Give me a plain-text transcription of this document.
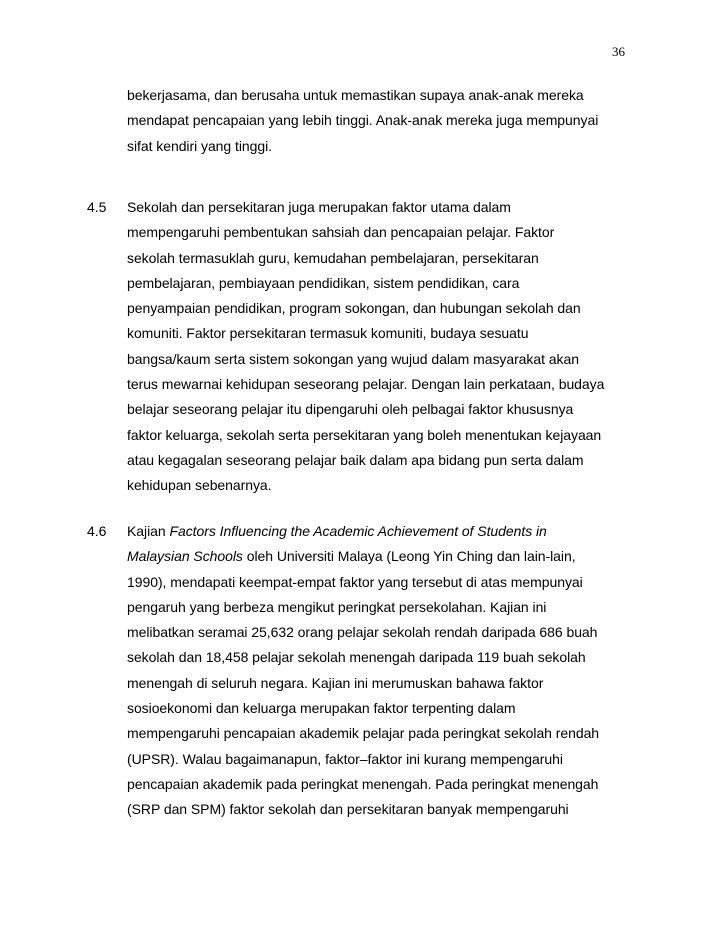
36
bekerjasama, dan berusaha untuk memastikan supaya anak-anak mereka
mendapat pencapaian yang lebih tinggi. Anak-anak mereka juga mempunyai
sifat kendiri yang tinggi.
4.5 Sekolah dan persekitaran juga merupakan faktor utama dalam
mempengaruhi pembentukan sahsiah dan pencapaian pelajar. Faktor
sekolah termasuklah guru, kemudahan pembelajaran, persekitaran
pembelajaran, pembiayaan pendidikan, sistem pendidikan, cara
penyampaian pendidikan, program sokongan, dan hubungan sekolah dan
komuniti. Faktor persekitaran termasuk komuniti, budaya sesuatu
bangsa/kaum serta sistem sokongan yang wujud dalam masyarakat akan
terus mewarnai kehidupan seseorang pelajar. Dengan lain perkataan, budaya
belajar seseorang pelajar itu dipengaruhi oleh pelbagai faktor khususnya
faktor keluarga, sekolah serta persekitaran yang boleh menentukan kejayaan
atau kegagalan seseorang pelajar baik dalam apa bidang pun serta dalam
kehidupan sebenarnya.
4.6 Kajian Factors Influencing the Academic Achievement of Students in
Malaysian Schools oleh Universiti Malaya (Leong Yin Ching dan lain-lain,
1990), mendapati keempat-empat faktor yang tersebut di atas mempunyai
pengaruh yang berbeza mengikut peringkat persekolahan. Kajian ini
melibatkan seramai 25,632 orang pelajar sekolah rendah daripada 686 buah
sekolah dan 18,458 pelajar sekolah menengah daripada 119 buah sekolah
menengah di seluruh negara. Kajian ini merumuskan bahawa faktor
sosioekonomi dan keluarga merupakan faktor terpenting dalam
mempengaruhi pencapaian akademik pelajar pada peringkat sekolah rendah
(UPSR). Walau bagaimanapun, faktor–faktor ini kurang mempengaruhi
pencapaian akademik pada peringkat menengah. Pada peringkat menengah
(SRP dan SPM) faktor sekolah dan persekitaran banyak mempengaruhi
